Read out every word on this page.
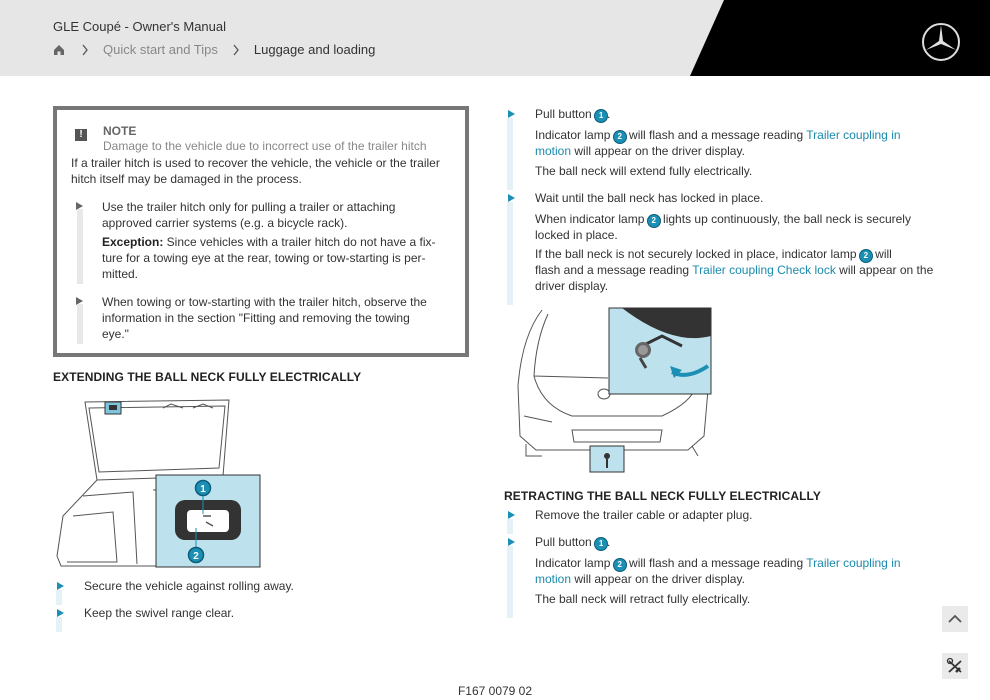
GLE Coupé - Owner's Manual
Quick start and Tips	Luggage and loading
!	NOTE
Damage to the vehicle due to incorrect use of the trailer hitch
If a trailer hitch is used to recover the vehicle, the vehicle or the trailer hitch itself may be damaged in the process.
Use the trailer hitch only for pulling a trailer or attaching
approved carrier systems (e.g. a bicycle rack).
Exception: Since vehicles with a trailer hitch do not have a fix-
ture for a towing eye at the rear, towing or tow-starting is per-
mitted.
When towing or tow-starting with the trailer hitch, observe the
information in the section "Fitting and removing the towing
eye."
EXTENDING THE BALL NECK FULLY ELECTRICALLY
1
2

Secure the vehicle against rolling away.

Keep the swivel range clear.

Pull button 1 .

Indicator lamp 2 will flash and a message reading Trailer coupling in
motion will appear on the driver display.

The ball neck will extend fully electrically.

Wait until the ball neck has locked in place.

When indicator lamp 2 lights up continuously, the ball neck is securely
locked in place.

If the ball neck is not securely locked in place, indicator lamp 2 will
flash and a message reading Trailer coupling Check lock will appear on the
driver display.

RETRACTING THE BALL NECK FULLY ELECTRICALLY

Remove the trailer cable or adapter plug.

Pull button 1 .

Indicator lamp 2 will flash and a message reading Trailer coupling in
motion will appear on the driver display.

The ball neck will retract fully electrically.

F167 0079 02
